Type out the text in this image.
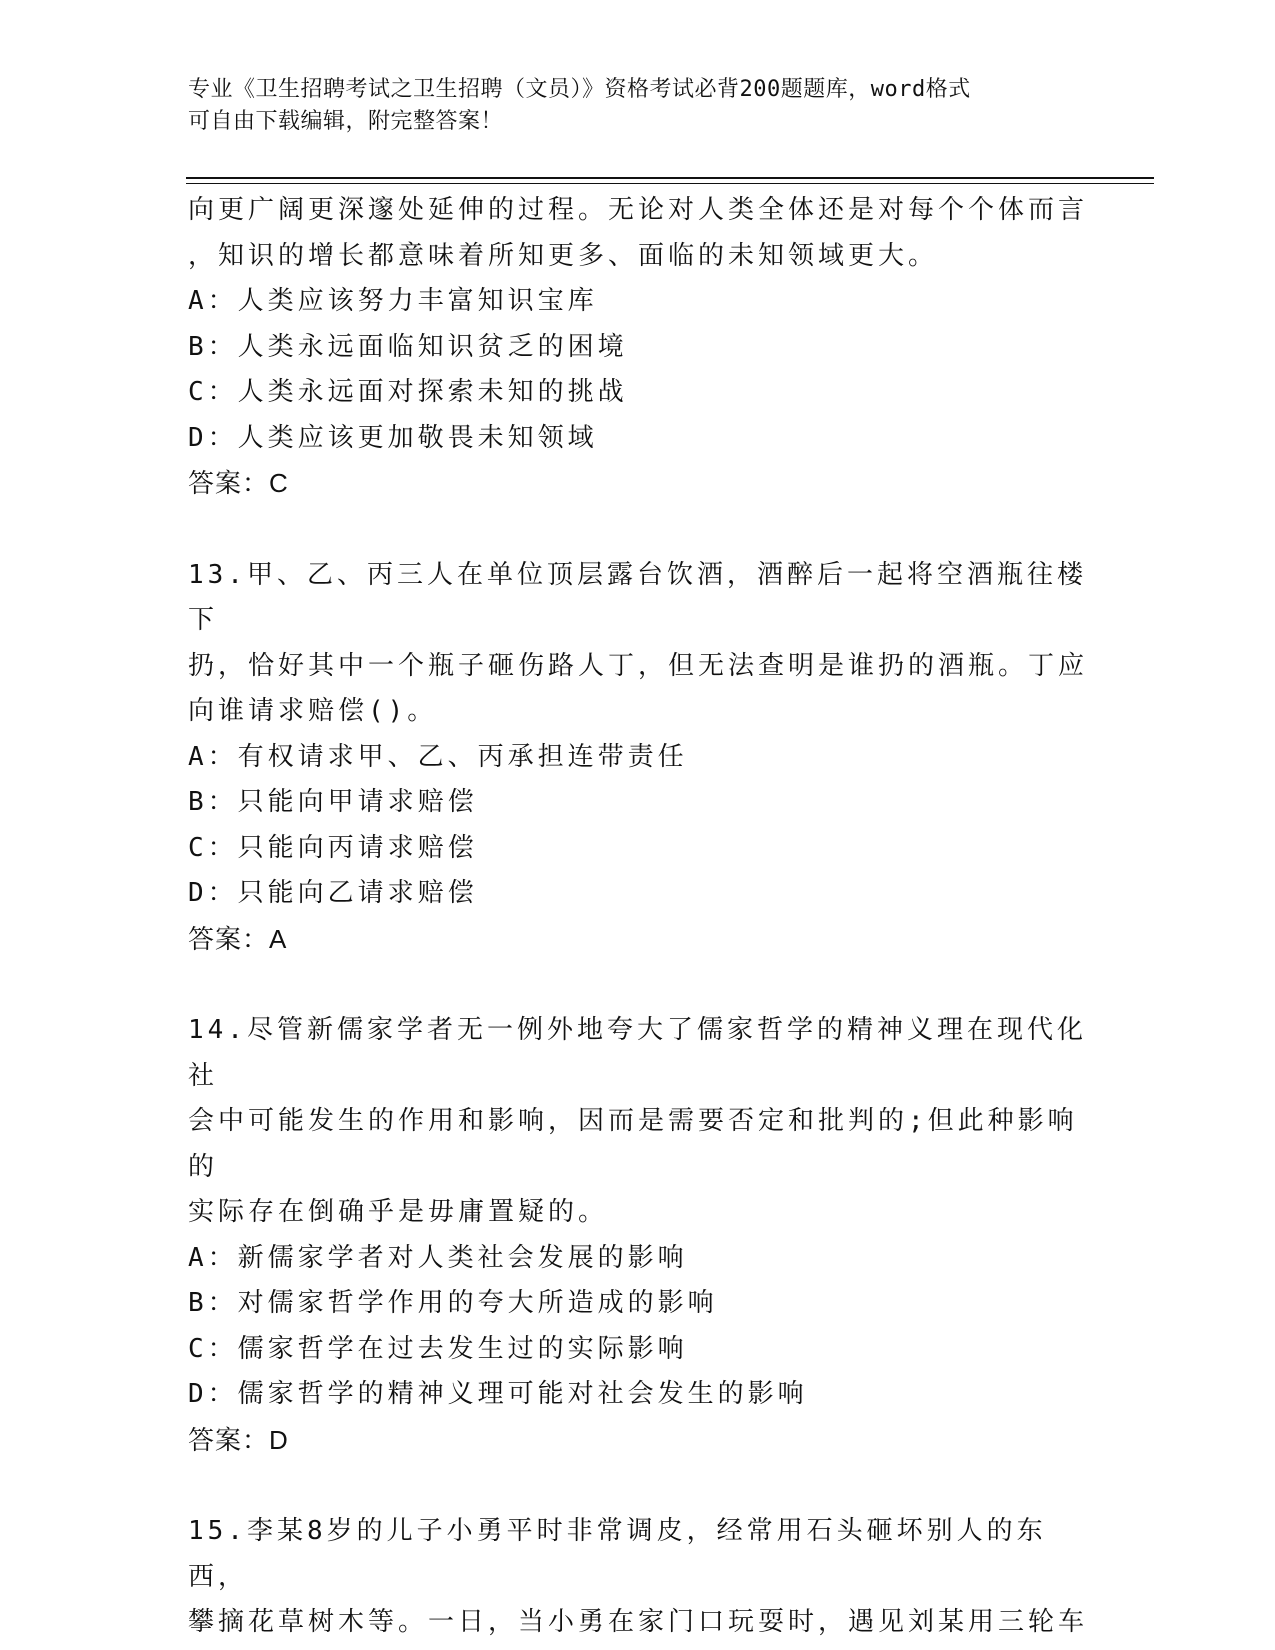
专业《卫生招聘考试之卫生招聘（文员）》资格考试必背200题题库，word格式
可自由下载编辑，附完整答案！

向更广阔更深邃处延伸的过程。无论对人类全体还是对每个个体而言

，知识的增长都意味着所知更多、面临的未知领域更大。

A：人类应该努力丰富知识宝库

B：人类永远面临知识贫乏的困境

C：人类永远面对探索未知的挑战

D：人类应该更加敬畏未知领域

答案：C

13.甲、乙、丙三人在单位顶层露台饮酒，酒醉后一起将空酒瓶往楼下

扔，恰好其中一个瓶子砸伤路人丁，但无法查明是谁扔的酒瓶。丁应

向谁请求赔偿()。

A：有权请求甲、乙、丙承担连带责任

B：只能向甲请求赔偿

C：只能向丙请求赔偿

D：只能向乙请求赔偿

答案：A

14.尽管新儒家学者无一例外地夸大了儒家哲学的精神义理在现代化社

会中可能发生的作用和影响，因而是需要否定和批判的;但此种影响的

实际存在倒确乎是毋庸置疑的。

A：新儒家学者对人类社会发展的影响

B：对儒家哲学作用的夸大所造成的影响

C：儒家哲学在过去发生过的实际影响

D：儒家哲学的精神义理可能对社会发生的影响

答案：D

15.李某8岁的儿子小勇平时非常调皮，经常用石头砸坏别人的东西，

攀摘花草树木等。一日，当小勇在家门口玩耍时，遇见刘某用三轮车
